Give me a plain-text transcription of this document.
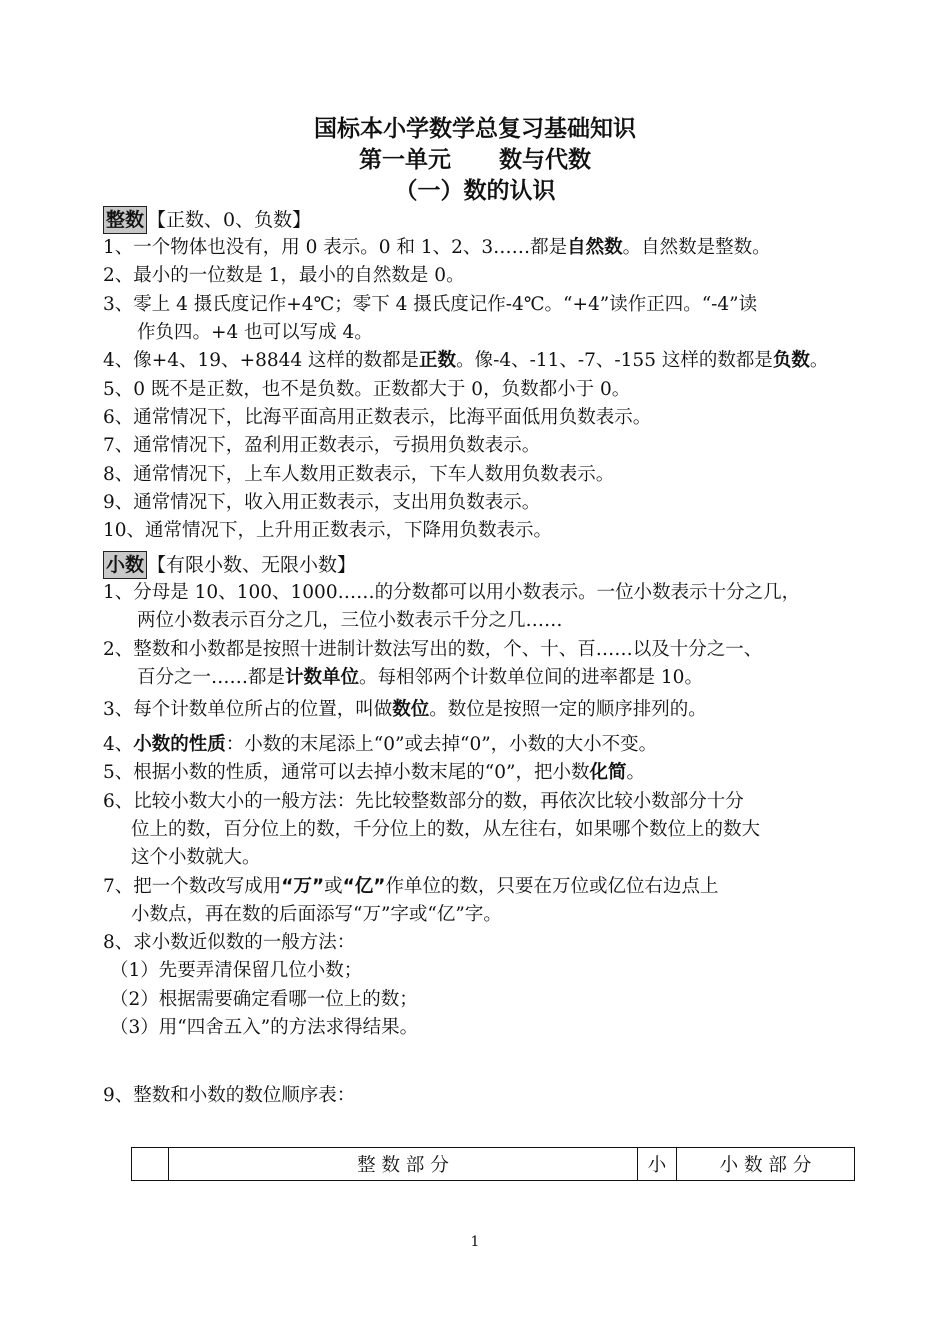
国标本小学数学总复习基础知识
第一单元      数与代数
（一）数的认识
整数 【正数、0、负数】
1、一个物体也没有，用 0 表示。0 和 1、2、3……都是自然数。自然数是整数。
2、最小的一位数是 1，最小的自然数是 0。
3、零上 4 摄氏度记作+4℃；零下 4 摄氏度记作-4℃。“+4”读作正四。“-4”读
作负四。+4 也可以写成 4。
4、像+4、19、+8844 这样的数都是正数。像-4、-11、-7、-155 这样的数都是负数。
5、0 既不是正数，也不是负数。正数都大于 0，负数都小于 0。
6、通常情况下，比海平面高用正数表示，比海平面低用负数表示。
7、通常情况下，盈利用正数表示，亏损用负数表示。
8、通常情况下，上车人数用正数表示，下车人数用负数表示。
9、通常情况下，收入用正数表示，支出用负数表示。
10、通常情况下，上升用正数表示，下降用负数表示。
小数 【有限小数、无限小数】
1、分母是 10、100、1000……的分数都可以用小数表示。一位小数表示十分之几，
两位小数表示百分之几，三位小数表示千分之几……
2、整数和小数都是按照十进制计数法写出的数，个、十、百……以及十分之一、
百分之一……都是计数单位。每相邻两个计数单位间的进率都是 10。
3、每个计数单位所占的位置，叫做数位。数位是按照一定的顺序排列的。
4、小数的性质：小数的末尾添上“0”或去掉“0”，小数的大小不变。
5、根据小数的性质，通常可以去掉小数末尾的“0”，把小数化简。
6、比较小数大小的一般方法：先比较整数部分的数，再依次比较小数部分十分
位上的数，百分位上的数，千分位上的数，从左往右，如果哪个数位上的数大
这个小数就大。
7、把一个数改写成用“万”或“亿”作单位的数，只要在万位或亿位右边点上
小数点，再在数的后面添写“万”字或“亿”字。
8、求小数近似数的一般方法：
（1）先要弄清保留几位小数；
（2）根据需要确定看哪一位上的数；
（3）用“四舍五入”的方法求得结果。
9、整数和小数的数位顺序表：
	整 数 部 分	小	小 数 部 分
1
